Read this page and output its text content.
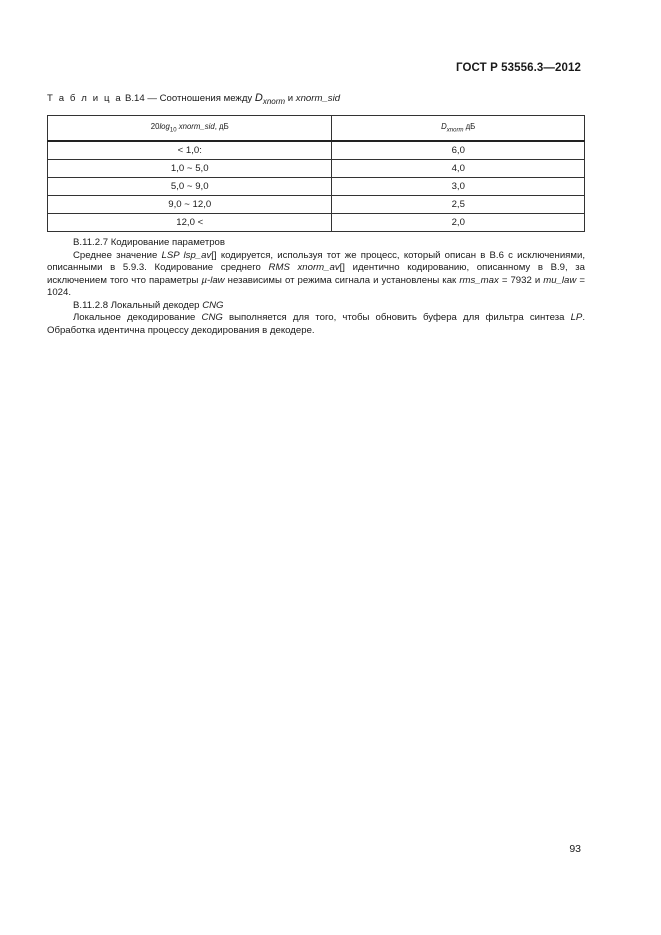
ГОСТ Р 53556.3—2012
Т а б л и ц а B.14 — Соотношения между $D_{xnorm}$ и xnorm_sid
$20\log_{10}$ xnorm_sid, дБ	$D_{xnorm}$ дБ
< 1,0:	6,0
1,0 ~ 5,0	4,0
5,0 ~ 9,0	3,0
9,0 ~ 12,0	2,5
12,0 <	2,0

B.11.2.7 Кодирование параметров

Среднее значение LSP lsp_av[] кодируется, используя тот же процесс, который описан в B.6 с исключениями, описанными в 5.9.3. Кодирование среднего RMS xnorm_av[] идентично кодированию, описанному в B.9, за исключением того что параметры µ-law независимы от режима сигнала и установлены как rms_max = 7932 и mu_law = 1024.

B.11.2.8 Локальный декодер CNG

Локальное декодирование CNG выполняется для того, чтобы обновить буфера для фильтра синтеза LP. Обработка идентична процессу декодирования в декодере.

93
